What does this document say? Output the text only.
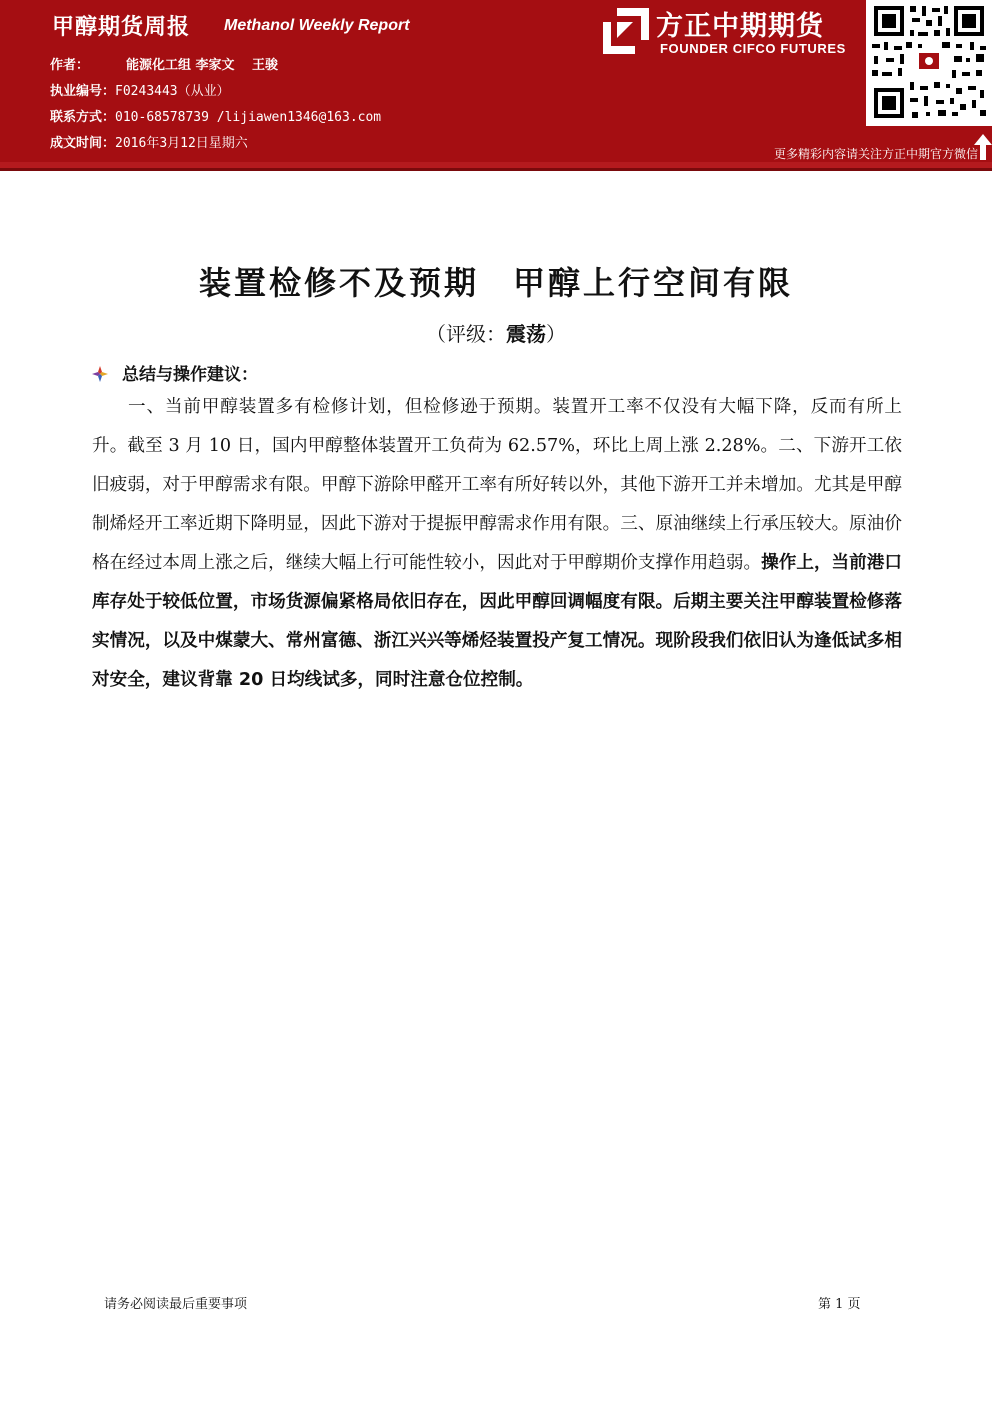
甲醇期货周报 Methanol Weekly Report
作者：	能源化工组 李家文　 王骏
执业编号：F0243443（从业）
联系方式：010-68578739 /lijiawen1346@163.com
成文时间：2016年3月12日星期六
方正中期期货
FOUNDER CIFCO FUTURES
更多精彩内容请关注方正中期官方微信
装置检修不及预期 甲醇上行空间有限
（评级：震荡）
总结与操作建议：
一、当前甲醇装置多有检修计划，但检修逊于预期。装置开工率不仅没有大幅下降，反而有所上升。截至 3 月 10 日，国内甲醇整体装置开工负荷为 62.57%，环比上周上涨 2.28%。二、下游开工依旧疲弱，对于甲醇需求有限。甲醇下游除甲醛开工率有所好转以外，其他下游开工并未增加。尤其是甲醇制烯烃开工率近期下降明显，因此下游对于提振甲醇需求作用有限。三、原油继续上行承压较大。原油价格在经过本周上涨之后，继续大幅上行可能性较小，因此对于甲醇期价支撑作用趋弱。操作上，当前港口库存处于较低位置，市场货源偏紧格局依旧存在，因此甲醇回调幅度有限。后期主要关注甲醇装置检修落实情况，以及中煤蒙大、常州富德、浙江兴兴等烯烃装置投产复工情况。现阶段我们依旧认为逢低试多相对安全，建议背靠 20 日均线试多，同时注意仓位控制。
请务必阅读最后重要事项	第 1 页
